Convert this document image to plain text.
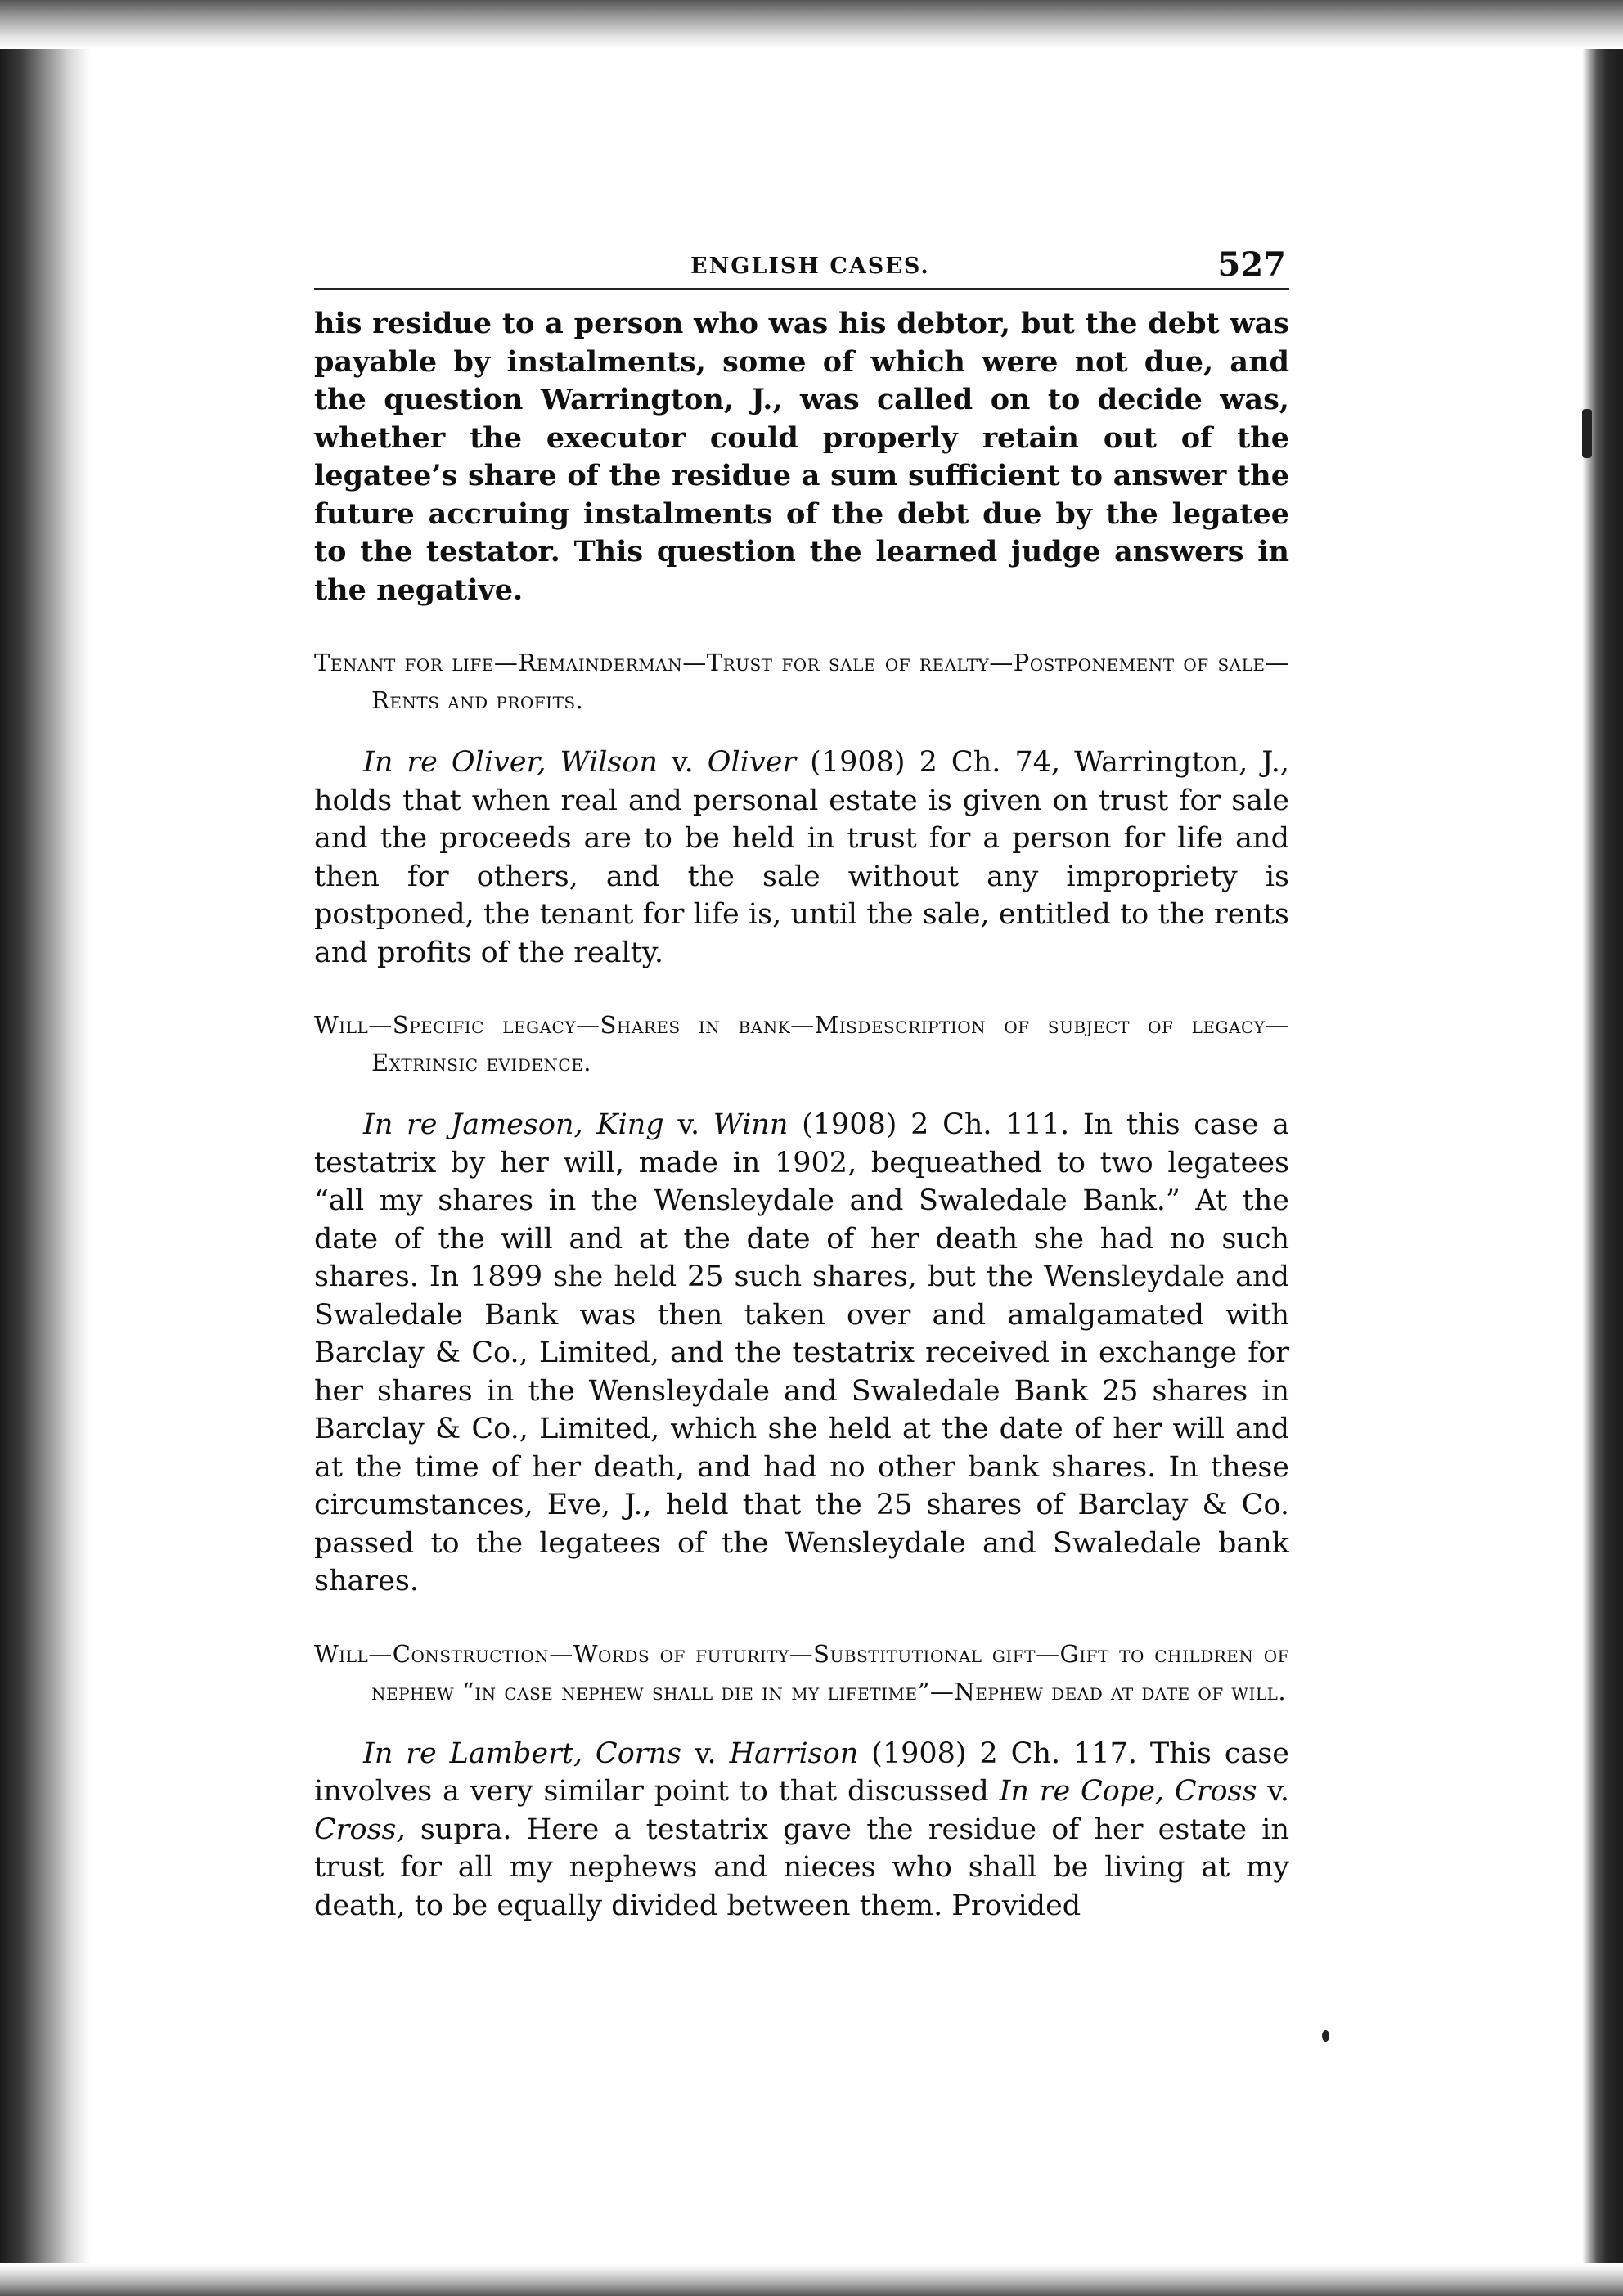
ENGLISH CASES.	527

his residue to a person who was his debtor, but the debt was payable by instalments, some of which were not due, and the question Warrington, J., was called on to decide was, whether the executor could properly retain out of the legatee’s share of the residue a sum sufficient to answer the future accruing instalments of the debt due by the legatee to the testator. This question the learned judge answers in the negative.

Tenant for life—Remainderman—Trust for sale of realty—Postponement of sale—Rents and profits.

In re Oliver, Wilson v. Oliver (1908) 2 Ch. 74, Warrington, J., holds that when real and personal estate is given on trust for sale and the proceeds are to be held in trust for a person for life and then for others, and the sale without any impropriety is postponed, the tenant for life is, until the sale, entitled to the rents and profits of the realty.

Will—Specific legacy—Shares in bank—Misdescription of subject of legacy—Extrinsic evidence.

In re Jameson, King v. Winn (1908) 2 Ch. 111. In this case a testatrix by her will, made in 1902, bequeathed to two legatees “all my shares in the Wensleydale and Swaledale Bank.” At the date of the will and at the date of her death she had no such shares. In 1899 she held 25 such shares, but the Wensleydale and Swaledale Bank was then taken over and amalgamated with Barclay & Co., Limited, and the testatrix received in exchange for her shares in the Wensleydale and Swaledale Bank 25 shares in Barclay & Co., Limited, which she held at the date of her will and at the time of her death, and had no other bank shares. In these circumstances, Eve, J., held that the 25 shares of Barclay & Co. passed to the legatees of the Wensleydale and Swaledale bank shares.

Will—Construction—Words of futurity—Substitutional gift—Gift to children of nephew “in case nephew shall die in my lifetime”—Nephew dead at date of will.

In re Lambert, Corns v. Harrison (1908) 2 Ch. 117. This case involves a very similar point to that discussed In re Cope, Cross v. Cross, supra. Here a testatrix gave the residue of her estate in trust for all my nephews and nieces who shall be living at my death, to be equally divided between them. Provided
